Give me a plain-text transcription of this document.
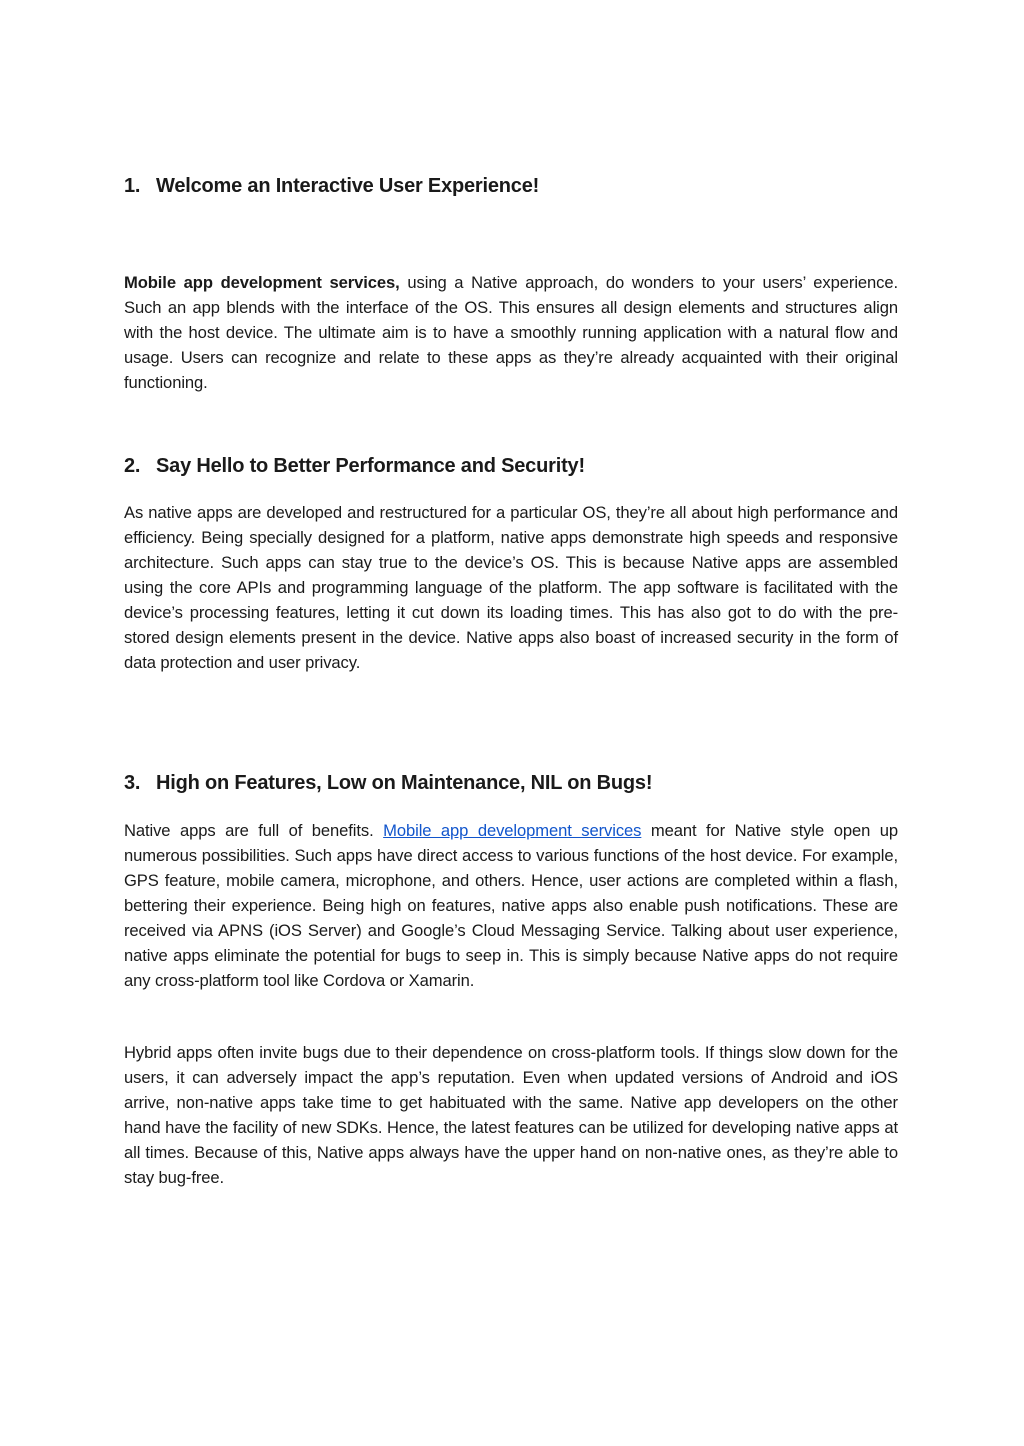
1. Welcome an Interactive User Experience!
Mobile app development services, using a Native approach, do wonders to your users’ experience. Such an app blends with the interface of the OS. This ensures all design elements and structures align with the host device. The ultimate aim is to have a smoothly running application with a natural flow and usage. Users can recognize and relate to these apps as they’re already acquainted with their original functioning.
2. Say Hello to Better Performance and Security!
As native apps are developed and restructured for a particular OS, they’re all about high performance and efficiency. Being specially designed for a platform, native apps demonstrate high speeds and responsive architecture. Such apps can stay true to the device’s OS. This is because Native apps are assembled using the core APIs and programming language of the platform. The app software is facilitated with the device’s processing features, letting it cut down its loading times. This has also got to do with the pre-stored design elements present in the device. Native apps also boast of increased security in the form of data protection and user privacy.
3. High on Features, Low on Maintenance, NIL on Bugs!
Native apps are full of benefits. Mobile app development services meant for Native style open up numerous possibilities. Such apps have direct access to various functions of the host device. For example, GPS feature, mobile camera, microphone, and others. Hence, user actions are completed within a flash, bettering their experience. Being high on features, native apps also enable push notifications. These are received via APNS (iOS Server) and Google’s Cloud Messaging Service. Talking about user experience, native apps eliminate the potential for bugs to seep in. This is simply because Native apps do not require any cross-platform tool like Cordova or Xamarin.
Hybrid apps often invite bugs due to their dependence on cross-platform tools. If things slow down for the users, it can adversely impact the app’s reputation. Even when updated versions of Android and iOS arrive, non-native apps take time to get habituated with the same. Native app developers on the other hand have the facility of new SDKs. Hence, the latest features can be utilized for developing native apps at all times. Because of this, Native apps always have the upper hand on non-native ones, as they’re able to stay bug-free.
